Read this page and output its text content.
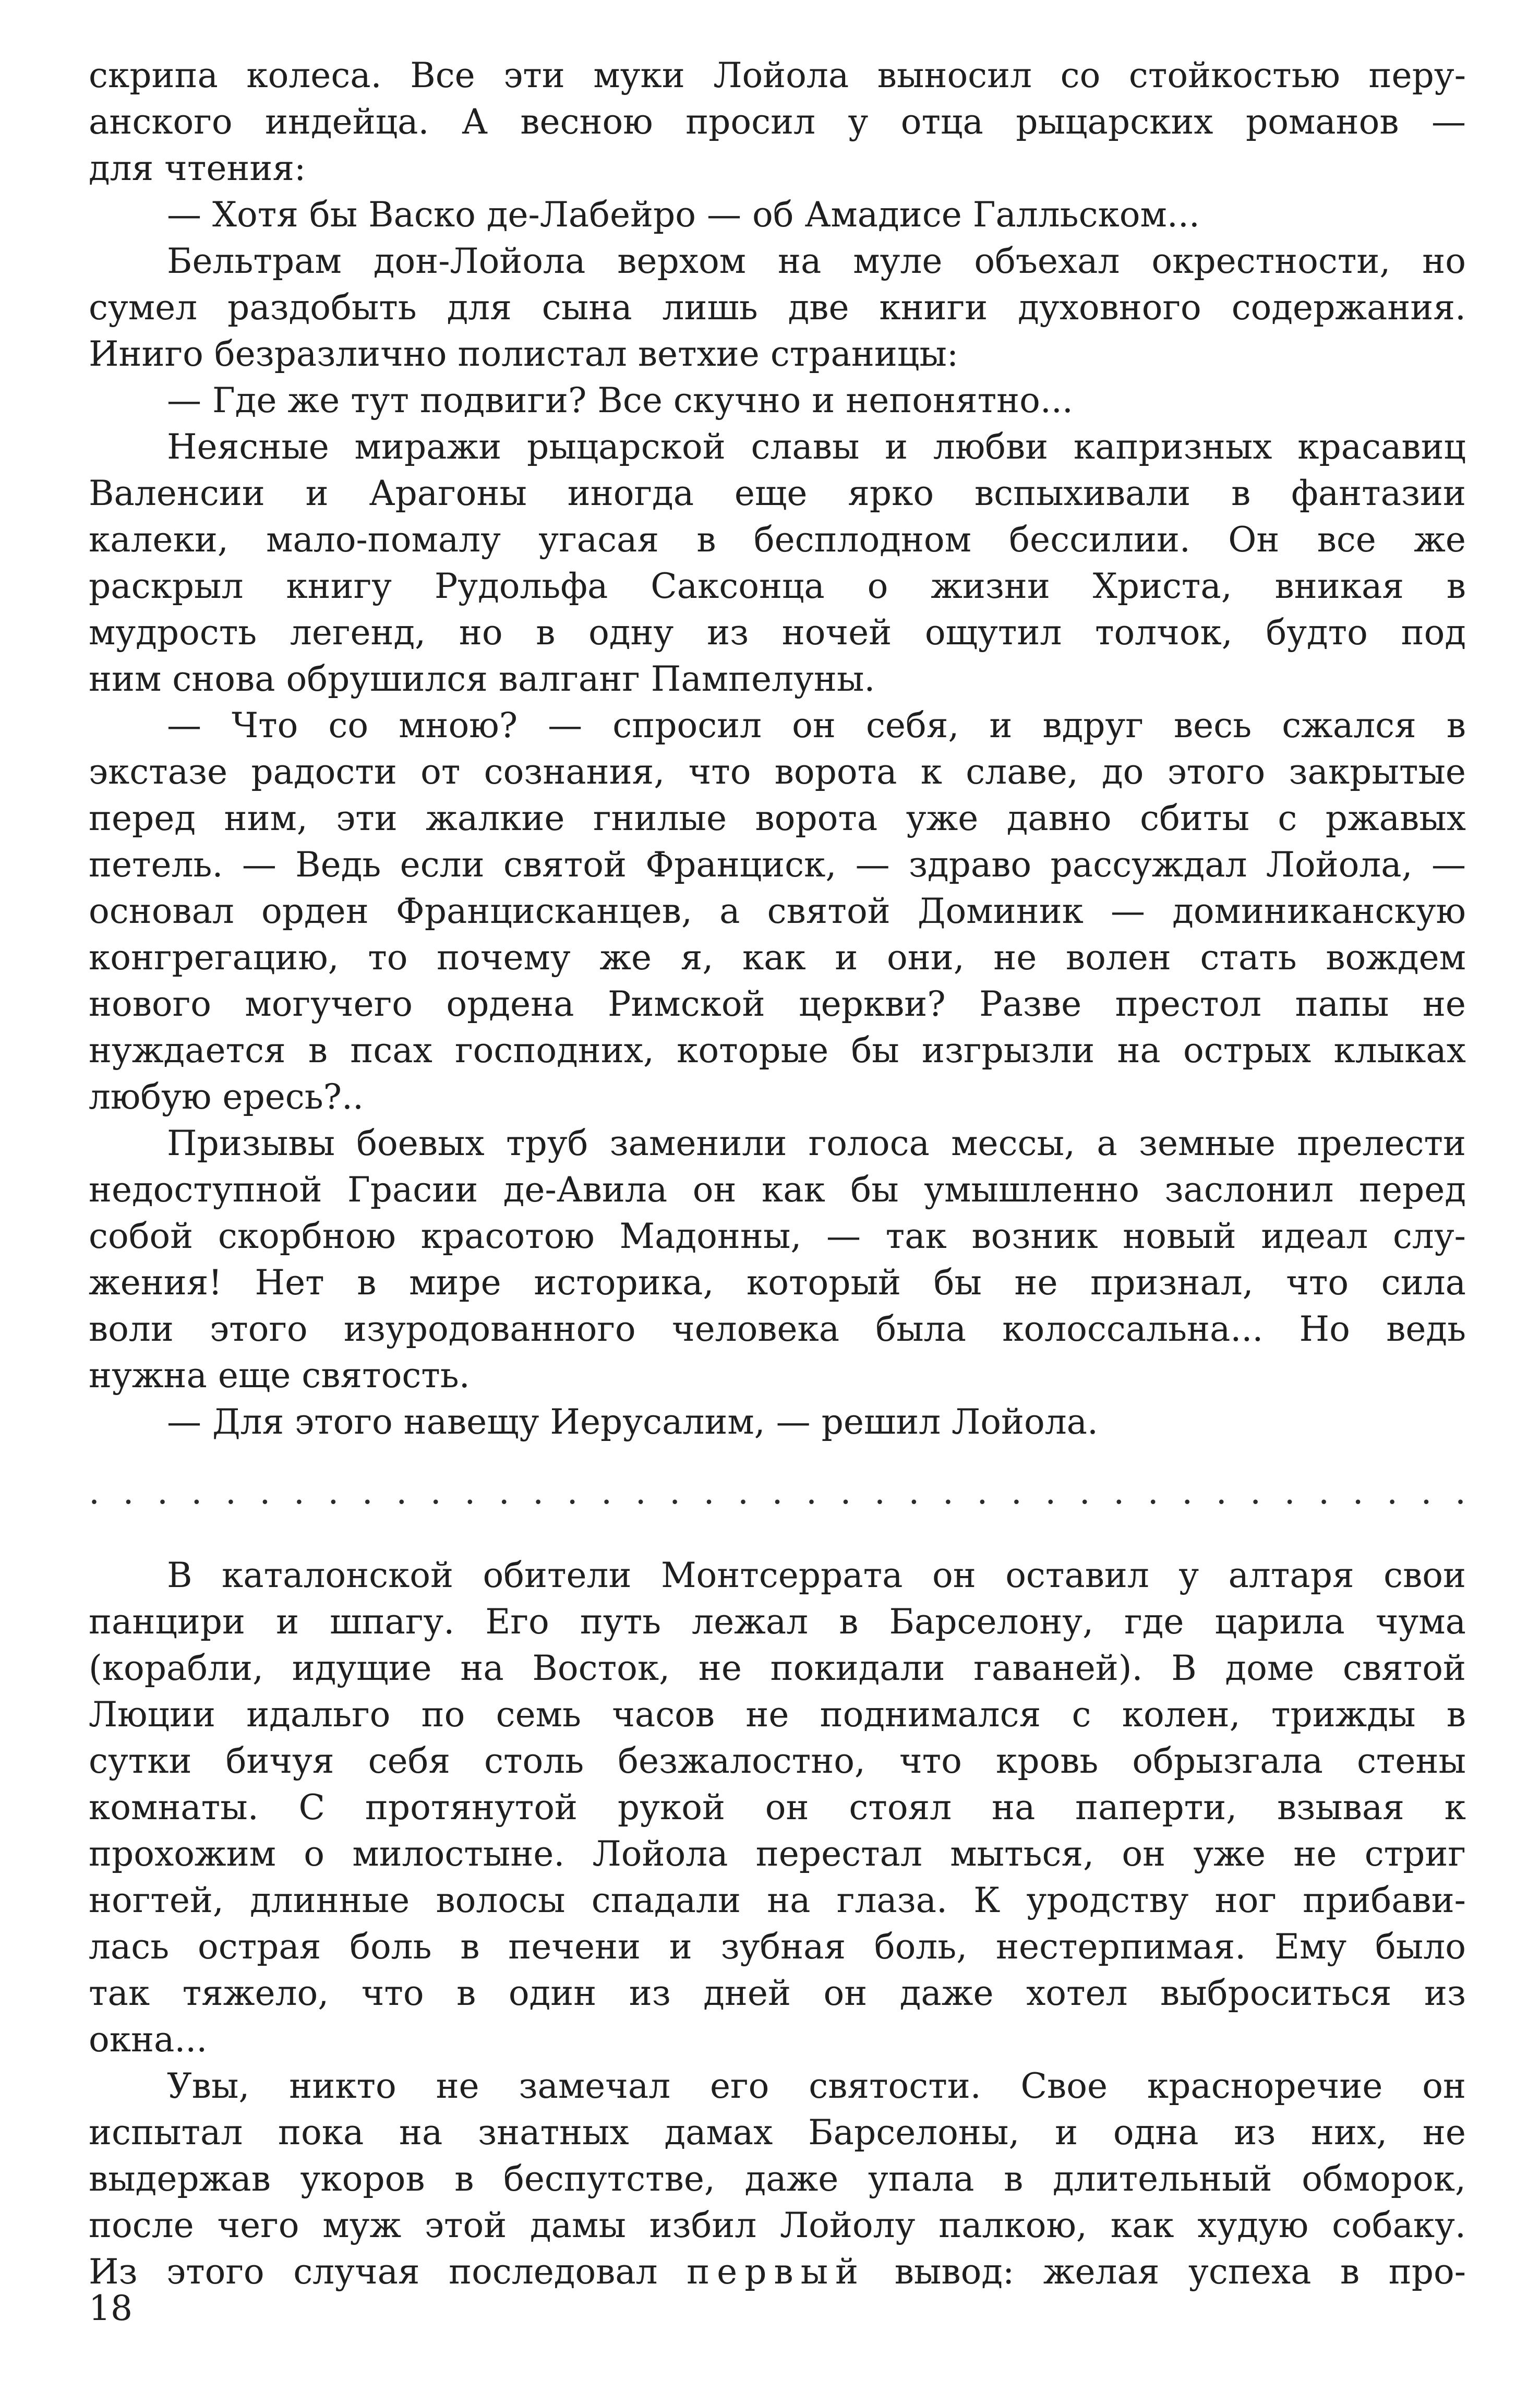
скрипа колеса. Все эти муки Лойола выносил со стойкостью перу-
анского индейца. А весною просил у отца рыцарских романов —
для чтения:
— Хотя бы Васко де-Лабейро — об Амадисе Галльском...
Бельтрам дон-Лойола верхом на муле объехал окрестности, но
сумел раздобыть для сына лишь две книги духовного содержания.
Иниго безразлично полистал ветхие страницы:
— Где же тут подвиги? Все скучно и непонятно...
Неясные миражи рыцарской славы и любви капризных красавиц
Валенсии и Арагоны иногда еще ярко вспыхивали в фантазии
калеки, мало-помалу угасая в бесплодном бессилии. Он все же
раскрыл книгу Рудольфа Саксонца о жизни Христа, вникая в
мудрость легенд, но в одну из ночей ощутил толчок, будто под
ним снова обрушился валганг Пампелуны.
— Что со мною? — спросил он себя, и вдруг весь сжался в
экстазе радости от сознания, что ворота к славе, до этого закрытые
перед ним, эти жалкие гнилые ворота уже давно сбиты с ржавых
петель. — Ведь если святой Франциск, — здраво рассуждал Лойола, —
основал орден Францисканцев, а святой Доминик — доминиканскую
конгрегацию, то почему же я, как и они, не волен стать вождем
нового могучего ордена Римской церкви? Разве престол папы не
нуждается в псах господних, которые бы изгрызли на острых клыках
любую ересь?..
Призывы боевых труб заменили голоса мессы, а земные прелести
недоступной Грасии де-Авила он как бы умышленно заслонил перед
собой скорбною красотою Мадонны, — так возник новый идеал слу-
жения! Нет в мире историка, который бы не признал, что сила
воли этого изуродованного человека была колоссальна... Но ведь
нужна еще святость.
— Для этого навещу Иерусалим, — решил Лойола.
. . . . . . . . . . . . . . . . . . . . . . . . . . . . . . . . . . . . . . . . .
В каталонской обители Монтсеррата он оставил у алтаря свои
панцири и шпагу. Его путь лежал в Барселону, где царила чума
(корабли, идущие на Восток, не покидали гаваней). В доме святой
Люции идальго по семь часов не поднимался с колен, трижды в
сутки бичуя себя столь безжалостно, что кровь обрызгала стены
комнаты. С протянутой рукой он стоял на паперти, взывая к
прохожим о милостыне. Лойола перестал мыться, он уже не стриг
ногтей, длинные волосы спадали на глаза. К уродству ног прибави-
лась острая боль в печени и зубная боль, нестерпимая. Ему было
так тяжело, что в один из дней он даже хотел выброситься из
окна...
Увы, никто не замечал его святости. Свое красноречие он
испытал пока на знатных дамах Барселоны, и одна из них, не
выдержав укоров в беспутстве, даже упала в длительный обморок,
после чего муж этой дамы избил Лойолу палкою, как худую собаку.
Из этого случая последовал первый вывод: желая успеха в про-
18
